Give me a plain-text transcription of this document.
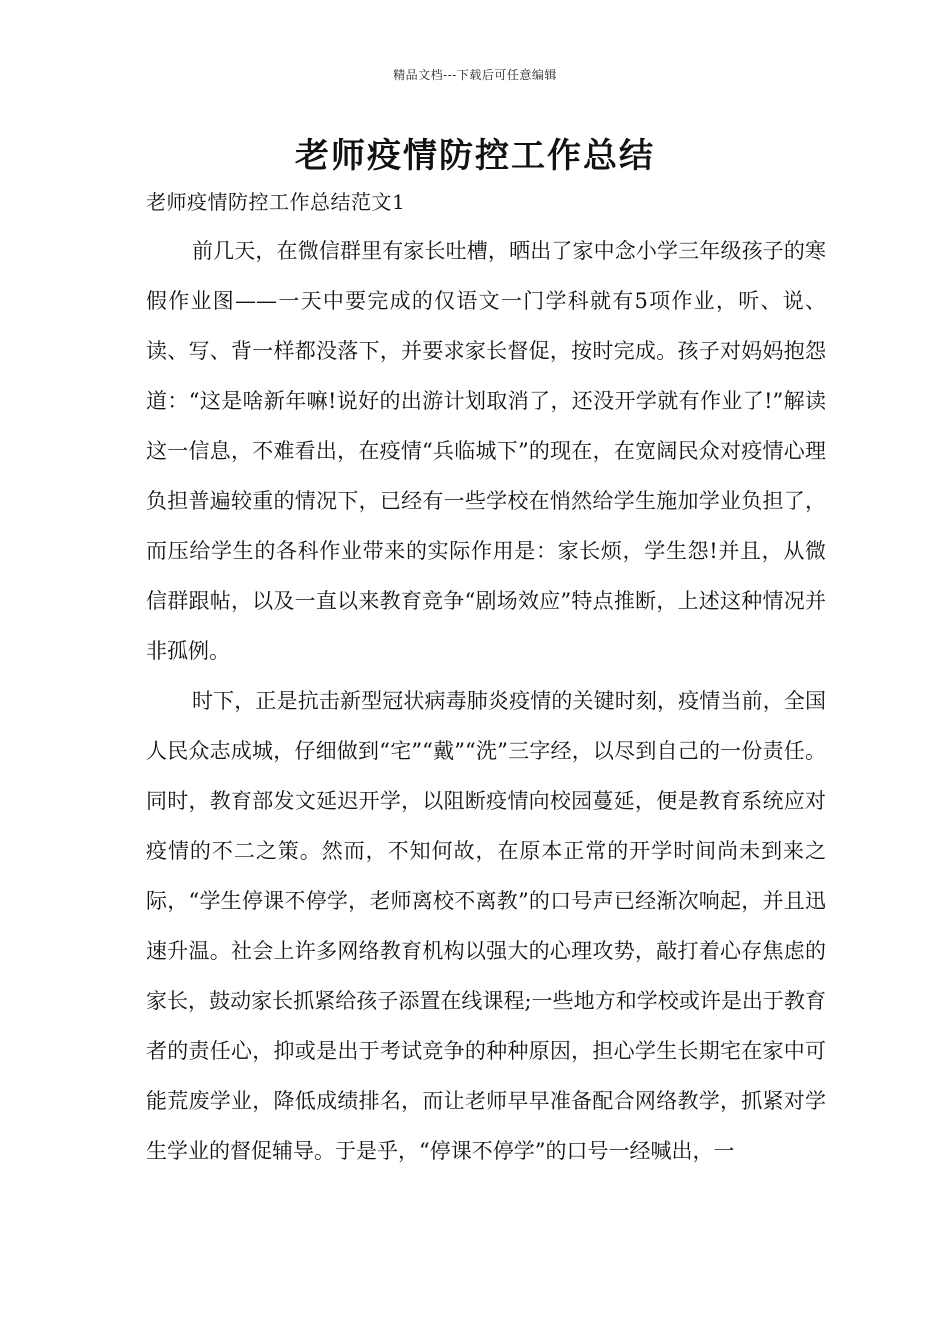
精品文档---下载后可任意编辑
老师疫情防控工作总结
老师疫情防控工作总结范文1

前几天，在微信群里有家长吐槽，晒出了家中念小学三年级孩子的寒假作业图——一天中要完成的仅语文一门学科就有5项作业，听、说、读、写、背一样都没落下，并要求家长督促，按时完成。孩子对妈妈抱怨道：“这是啥新年嘛!说好的出游计划取消了，还没开学就有作业了!”解读这一信息，不难看出，在疫情“兵临城下”的现在，在宽阔民众对疫情心理负担普遍较重的情况下，已经有一些学校在悄然给学生施加学业负担了，而压给学生的各科作业带来的实际作用是：家长烦，学生怨!并且，从微信群跟帖，以及一直以来教育竞争“剧场效应”特点推断，上述这种情况并非孤例。

时下，正是抗击新型冠状病毒肺炎疫情的关键时刻，疫情当前，全国人民众志成城，仔细做到“宅”“戴”“洗”三字经，以尽到自己的一份责任。同时，教育部发文延迟开学，以阻断疫情向校园蔓延，便是教育系统应对疫情的不二之策。然而，不知何故，在原本正常的开学时间尚未到来之际，“学生停课不停学，老师离校不离教”的口号声已经渐次响起，并且迅速升温。社会上许多网络教育机构以强大的心理攻势，敲打着心存焦虑的家长，鼓动家长抓紧给孩子添置在线课程;一些地方和学校或许是出于教育者的责任心，抑或是出于考试竞争的种种原因，担心学生长期宅在家中可能荒废学业，降低成绩排名，而让老师早早准备配合网络教学，抓紧对学生学业的督促辅导。于是乎，“停课不停学”的口号一经喊出，一
